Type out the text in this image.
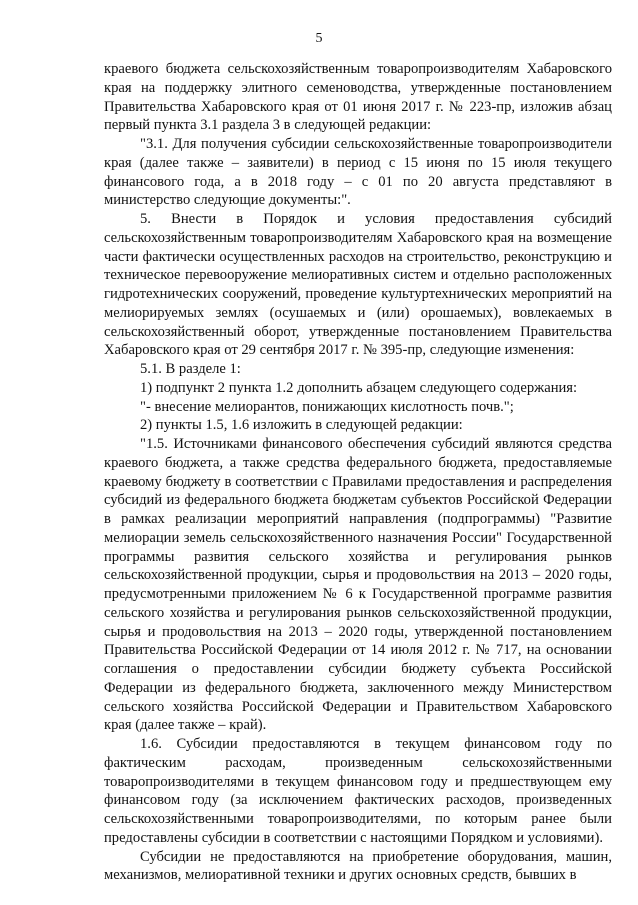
5

краевого бюджета сельскохозяйственным товаропроизводителям Хабаровского края на поддержку элитного семеноводства, утвержденные постановлением Правительства Хабаровского края от 01 июня 2017 г. № 223-пр, изложив абзац первый пункта 3.1 раздела 3 в следующей редакции:

"3.1. Для получения субсидии сельскохозяйственные товаропроизводители края (далее также – заявители) в период с 15 июня по 15 июля текущего финансового года, а в 2018 году – с 01 по 20 августа представляют в министерство следующие документы:".

5. Внести в Порядок и условия предоставления субсидий сельскохозяйственным товаропроизводителям Хабаровского края на возмещение части фактически осуществленных расходов на строительство, реконструкцию и техническое перевооружение мелиоративных систем и отдельно расположенных гидротехнических сооружений, проведение культуртехнических мероприятий на мелиорируемых землях (осушаемых и (или) орошаемых), вовлекаемых в сельскохозяйственный оборот, утвержденные постановлением Правительства Хабаровского края от 29 сентября 2017 г. № 395-пр, следующие изменения:

5.1. В разделе 1:

1) подпункт 2 пункта 1.2 дополнить абзацем следующего содержания:

"- внесение мелиорантов, понижающих кислотность почв.";

2) пункты 1.5, 1.6 изложить в следующей редакции:

"1.5. Источниками финансового обеспечения субсидий являются средства краевого бюджета, а также средства федерального бюджета, предоставляемые краевому бюджету в соответствии с Правилами предоставления и распределения субсидий из федерального бюджета бюджетам субъектов Российской Федерации в рамках реализации мероприятий направления (подпрограммы) "Развитие мелиорации земель сельскохозяйственного назначения России" Государственной программы развития сельского хозяйства и регулирования рынков сельскохозяйственной продукции, сырья и продовольствия на 2013 – 2020 годы, предусмотренными приложением № 6 к Государственной программе развития сельского хозяйства и регулирования рынков сельскохозяйственной продукции, сырья и продовольствия на 2013 – 2020 годы, утвержденной постановлением Правительства Российской Федерации от 14 июля 2012 г. № 717, на основании соглашения о предоставлении субсидии бюджету субъекта Российской Федерации из федерального бюджета, заключенного между Министерством сельского хозяйства Российской Федерации и Правительством Хабаровского края (далее также – край).

1.6. Субсидии предоставляются в текущем финансовом году по фактическим расходам, произведенным сельскохозяйственными товаропроизводителями в текущем финансовом году и предшествующем ему финансовом году (за исключением фактических расходов, произведенных сельскохозяйственными товаропроизводителями, по которым ранее были предоставлены субсидии в соответствии с настоящими Порядком и условиями).

Субсидии не предоставляются на приобретение оборудования, машин, механизмов, мелиоративной техники и других основных средств, бывших в
